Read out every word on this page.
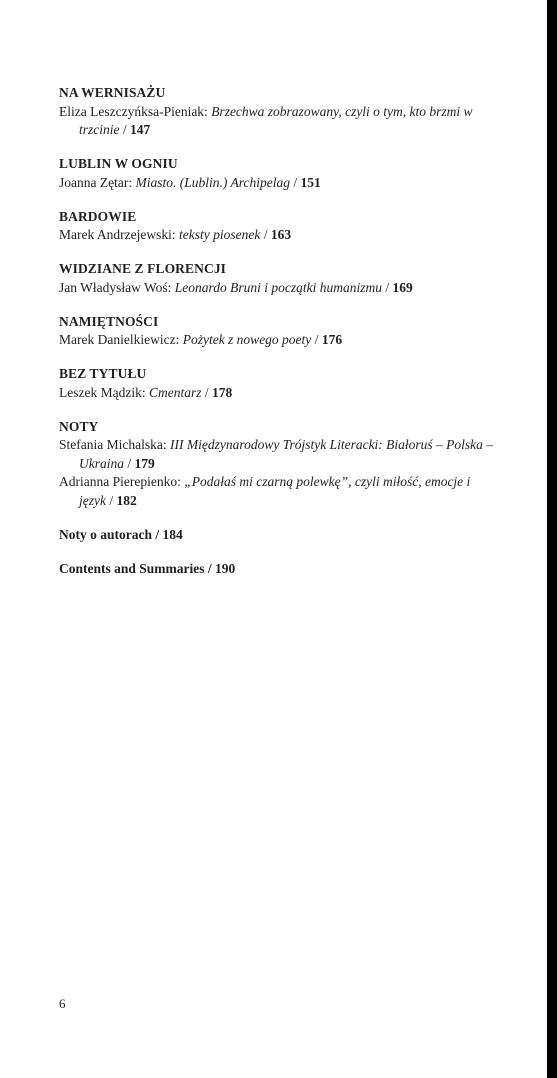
NA WERNISAŻU
Eliza Leszczyńksa-Pieniak: Brzechwa zobrazowany, czyli o tym, kto brzmi w trzcinie / 147
LUBLIN W OGNIU
Joanna Zętar: Miasto. (Lublin.) Archipelag / 151
BARDOWIE
Marek Andrzejewski: teksty piosenek / 163
WIDZIANE Z FLORENCJI
Jan Władysław Woś: Leonardo Bruni i początki humanizmu / 169
NAMIĘTNOŚCI
Marek Danielkiewicz: Pożytek z nowego poety / 176
BEZ TYTUŁU
Leszek Mądzik: Cmentarz / 178
NOTY
Stefania Michalska: III Międzynarodowy Trójstyk Literacki: Białoruś – Polska – Ukraina / 179
Adrianna Pierepienko: „Podałaś mi czarną polewkę”, czyli miłość, emocje i język / 182
Noty o autorach / 184
Contents and Summaries / 190
6
